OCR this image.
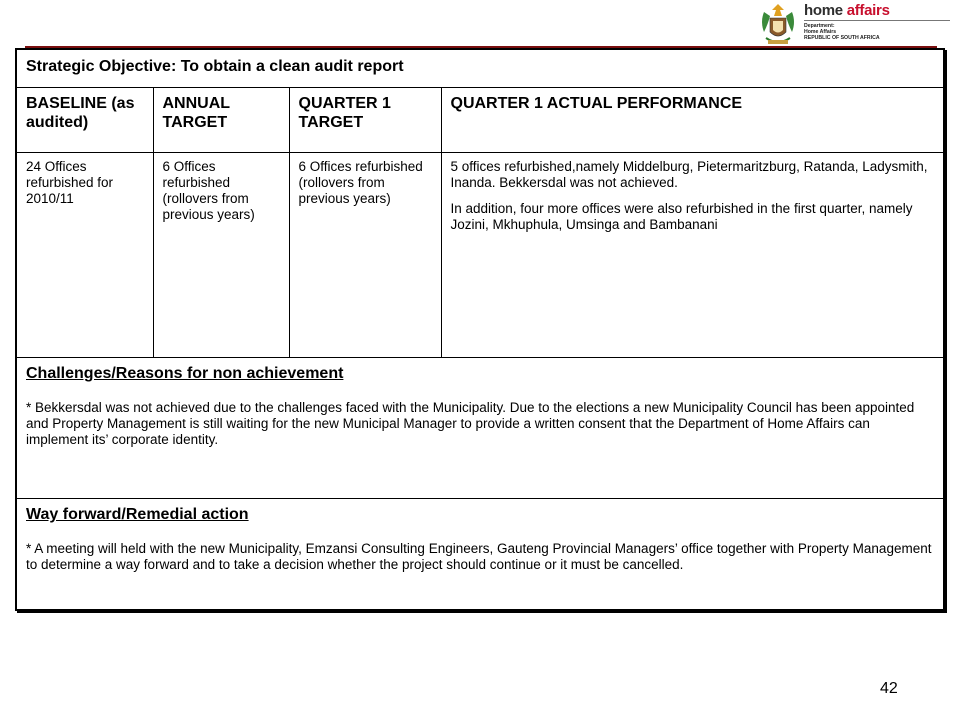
home affairs
Department:
Home Affairs
REPUBLIC OF SOUTH AFRICA
Strategic Objective: To obtain a clean audit report			
BASELINE (as audited)	ANNUAL TARGET	QUARTER 1 TARGET	QUARTER 1 ACTUAL PERFORMANCE
24 Offices refurbished for 2010/11	6 Offices refurbished (rollovers from previous years)	6 Offices refurbished (rollovers from previous years)	5 offices refurbished,namely Middelburg, Pietermaritzburg, Ratanda, Ladysmith, Inanda. Bekkersdal was not achieved.

In addition, four more offices were also refurbished in the first quarter, namely Jozini, Mkhuphula, Umsinga and Bambanani

Challenges/Reasons for non achievement

* Bekkersdal was not achieved due to the challenges faced with the Municipality. Due to the elections a new Municipality Council has been appointed and Property Management is still waiting for the new Municipal Manager to provide a written consent that the Department of Home Affairs can implement its’ corporate identity.			

Way forward/Remedial action

* A meeting will held with the new Municipality, Emzansi Consulting Engineers, Gauteng Provincial Managers’ office together with Property Management to determine a way forward and to take a decision whether the project should continue or it must be cancelled.			

42
